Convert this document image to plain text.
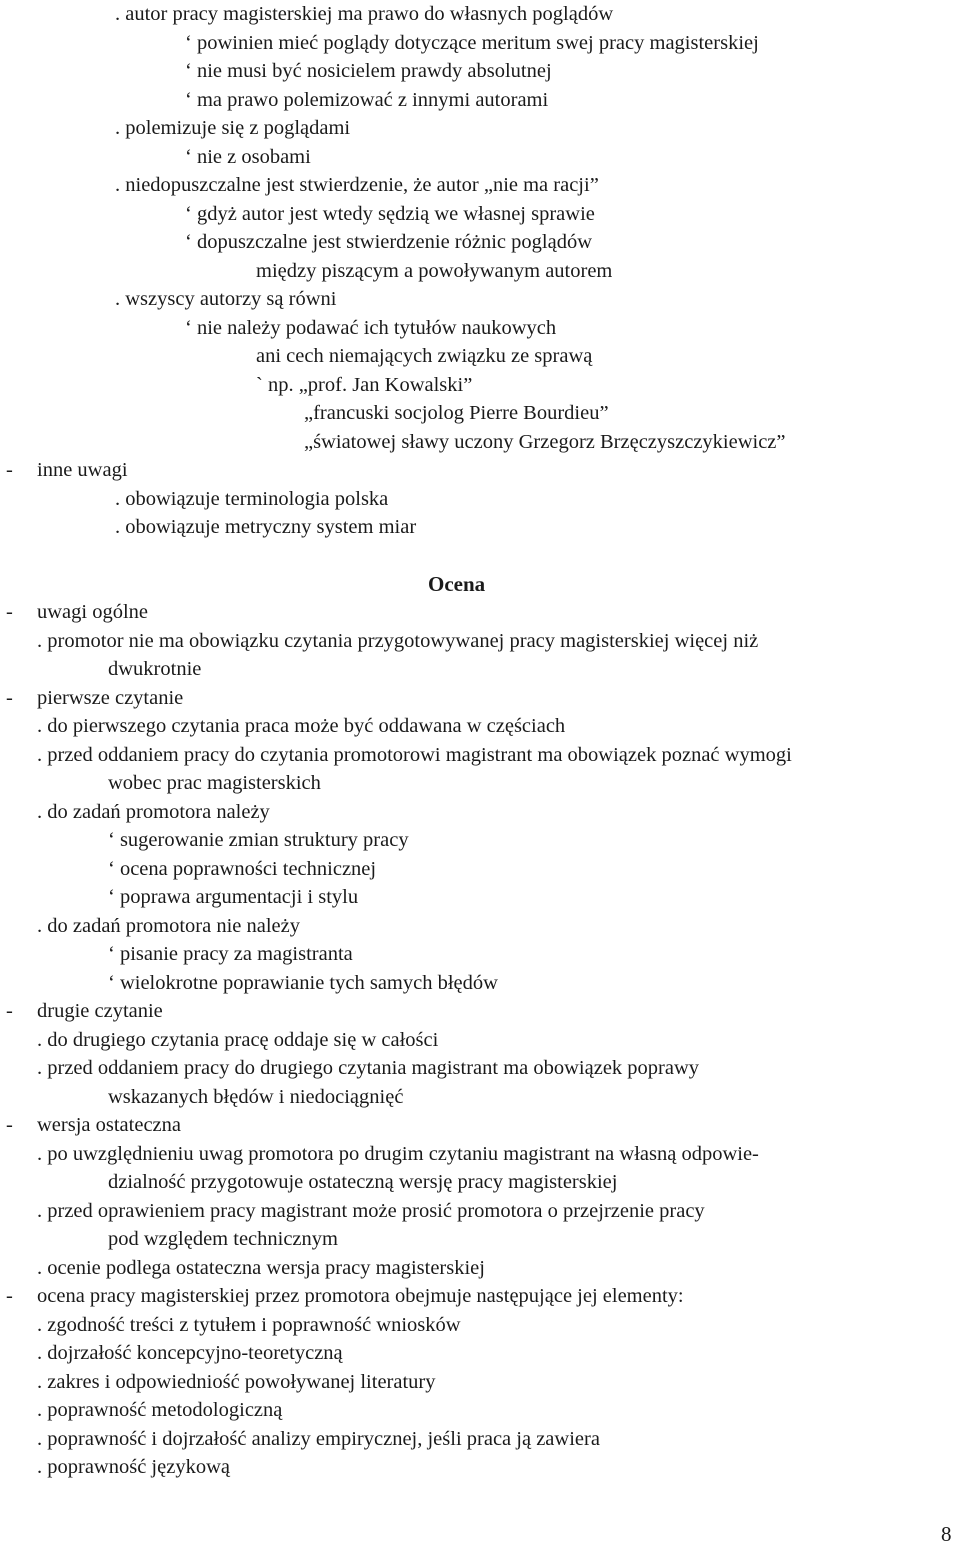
. autor pracy magisterskiej ma prawo do własnych poglądów
‘ powinien mieć poglądy dotyczące meritum swej pracy magisterskiej
‘ nie musi być nosicielem prawdy absolutnej
‘ ma prawo polemizować z innymi autorami
. polemizuje się z poglądami
‘ nie z osobami
. niedopuszczalne jest stwierdzenie, że autor „nie ma racji”
‘ gdyż autor jest wtedy sędzią we własnej sprawie
‘ dopuszczalne jest stwierdzenie różnic poglądów
między piszącym a powoływanym autorem
. wszyscy autorzy są równi
‘ nie należy podawać ich tytułów naukowych
ani cech niemających związku ze sprawą
` np. „prof. Jan Kowalski”
„francuski socjolog Pierre Bourdieu”
„światowej sławy uczony Grzegorz Brzęczyszczykiewicz”
- inne uwagi
. obowiązuje terminologia polska
. obowiązuje metryczny system miar
Ocena
- uwagi ogólne
. promotor nie ma obowiązku czytania przygotowywanej pracy magisterskiej więcej niż
dwukrotnie
- pierwsze czytanie
. do pierwszego czytania praca może być oddawana w częściach
. przed oddaniem pracy do czytania promotorowi magistrant ma obowiązek poznać wymogi
wobec prac magisterskich
. do zadań promotora należy
‘ sugerowanie zmian struktury pracy
‘ ocena poprawności technicznej
‘ poprawa argumentacji i stylu
. do zadań promotora nie należy
‘ pisanie pracy za magistranta
‘ wielokrotne poprawianie tych samych błędów
- drugie czytanie
. do drugiego czytania pracę oddaje się w całości
. przed oddaniem pracy do drugiego czytania magistrant ma obowiązek poprawy
wskazanych błędów i niedociągnięć
- wersja ostateczna
. po uwzględnieniu uwag promotora po drugim czytaniu magistrant na własną odpowie-
dzialność przygotowuje ostateczną wersję pracy magisterskiej
. przed oprawieniem pracy magistrant może prosić promotora o przejrzenie pracy
pod względem technicznym
. ocenie podlega ostateczna wersja pracy magisterskiej
- ocena pracy magisterskiej przez promotora obejmuje następujące jej elementy:
. zgodność treści z tytułem i poprawność wniosków
. dojrzałość koncepcyjno-teoretyczną
. zakres i odpowiedniość powoływanej literatury
. poprawność metodologiczną
. poprawność i dojrzałość analizy empirycznej, jeśli praca ją zawiera
. poprawność językową
8
